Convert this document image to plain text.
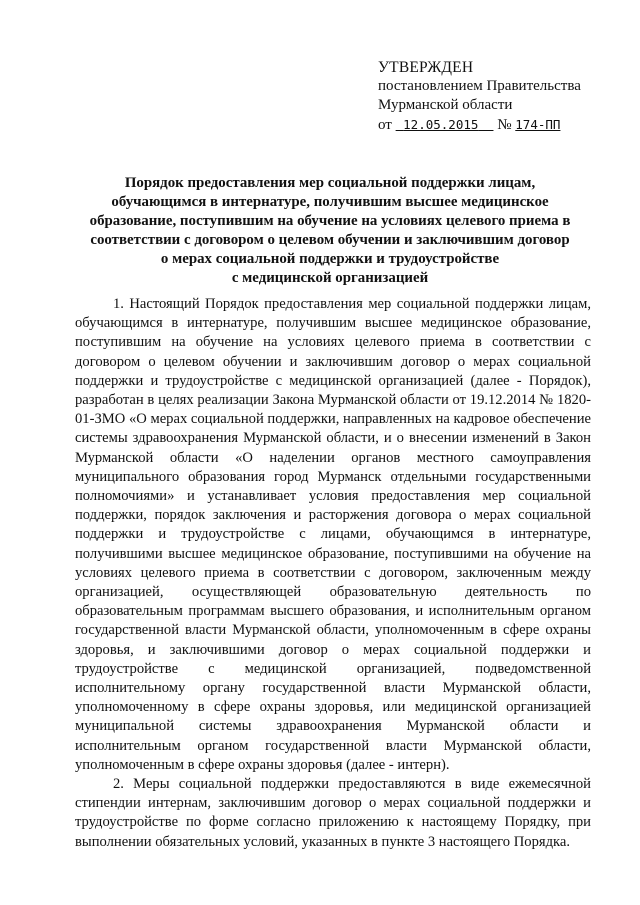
УТВЕРЖДЕН
постановлением Правительства
Мурманской области
от 12.05.2015 № 174-ПП
Порядок предоставления мер социальной поддержки лицам,
обучающимся в интернатуре, получившим высшее медицинское
образование, поступившим на обучение на условиях целевого приема в
соответствии с договором о целевом обучении и заключившим договор
о мерах социальной поддержки и трудоустройстве
с медицинской организацией

1. Настоящий Порядок предоставления мер социальной поддержки лицам, обучающимся в интернатуре, получившим высшее медицинское образование, поступившим на обучение на условиях целевого приема в соответствии с договором о целевом обучении и заключившим договор о мерах социальной поддержки и трудоустройстве с медицинской организацией (далее - Порядок), разработан в целях реализации Закона Мурманской области от 19.12.2014 № 1820-01-ЗМО «О мерах социальной поддержки, направленных на кадровое обеспечение системы здравоохранения Мурманской области, и о внесении изменений в Закон Мурманской области «О наделении органов местного самоуправления муниципального образования город Мурманск отдельными государственными полномочиями» и устанавливает условия предоставления мер социальной поддержки, порядок заключения и расторжения договора о мерах социальной поддержки и трудоустройстве с лицами, обучающимся в интернатуре, получившими высшее медицинское образование, поступившими на обучение на условиях целевого приема в соответствии с договором, заключенным между организацией, осуществляющей образовательную деятельность по образовательным программам высшего образования, и исполнительным органом государственной власти Мурманской области, уполномоченным в сфере охраны здоровья, и заключившими договор о мерах социальной поддержки и трудоустройстве с медицинской организацией, подведомственной исполнительному органу государственной власти Мурманской области, уполномоченному в сфере охраны здоровья, или медицинской организацией муниципальной системы здравоохранения Мурманской области и исполнительным органом государственной власти Мурманской области, уполномоченным в сфере охраны здоровья (далее - интерн).

2. Меры социальной поддержки предоставляются в виде ежемесячной стипендии интернам, заключившим договор о мерах социальной поддержки и трудоустройстве по форме согласно приложению к настоящему Порядку, при выполнении обязательных условий, указанных в пункте 3 настоящего Порядка.
